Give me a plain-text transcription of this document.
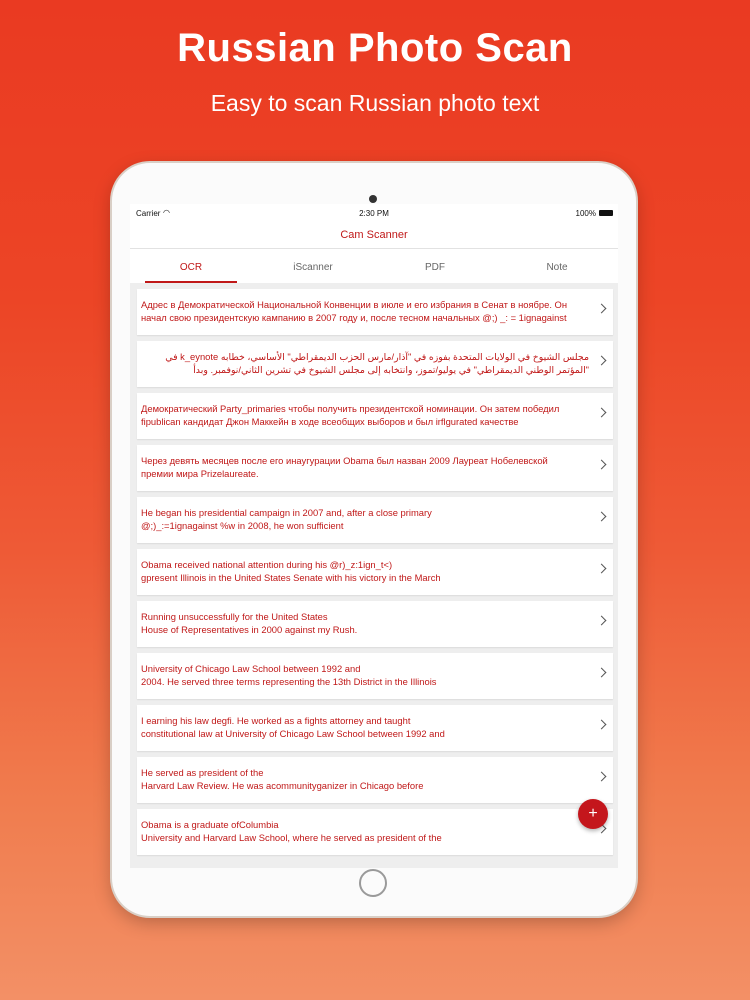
Russian Photo Scan
Easy to scan Russian photo text
Carrier ◠	2:30 PM	100%
Cam Scanner
OCR	iScanner	PDF	Note
Адрес в Демократической Национальной Конвенции в июле и его избрания в Сенат в ноябре. Он
начал свою президентскую кампанию в 2007 году и, после тесном начальных @;) _: = 1ignagainst
مجلس الشيوخ في الولايات المتحدة بفوزه في "آذار/مارس الحزب الديمقراطي" الأساسي، خطابه k_eynote في
"المؤتمر الوطني الديمقراطي" في يوليو/تموز، وانتخابه إلى مجلس الشيوخ في تشرين الثاني/نوفمبر. وبدأ
Демократический Party_primaries чтобы получить президентской номинации. Он затем победил
fipublican кандидат Джон Маккейн в ходе всеобщих выборов и был irflgurated качестве
Через девять месяцев после его инаугурации Obama был назван 2009 Лауреат Нобелевской
премии мира Prizelaureate.
He began his presidential campaign in 2007 and, after a close primary
@;)_:=1ignagainst %w in 2008, he won sufficient
Obama received national attention during his @r)_z:1ign_t<)
gpresent Illinois in the United States Senate with his victory in the March
Running unsuccessfully for the United States
House of Representatives in 2000 against my Rush.
University of Chicago Law School between 1992 and
2004. He served three terms representing the 13th District in the Illinois
I earning his law degfi. He worked as a fights attorney and taught
constitutional law at University of Chicago Law School between 1992 and
He served as president of the
Harvard Law Review. He was acommunityganizer in Chicago before
Obama is a graduate ofColumbia
University and Harvard Law School, where he served as president of the
+
